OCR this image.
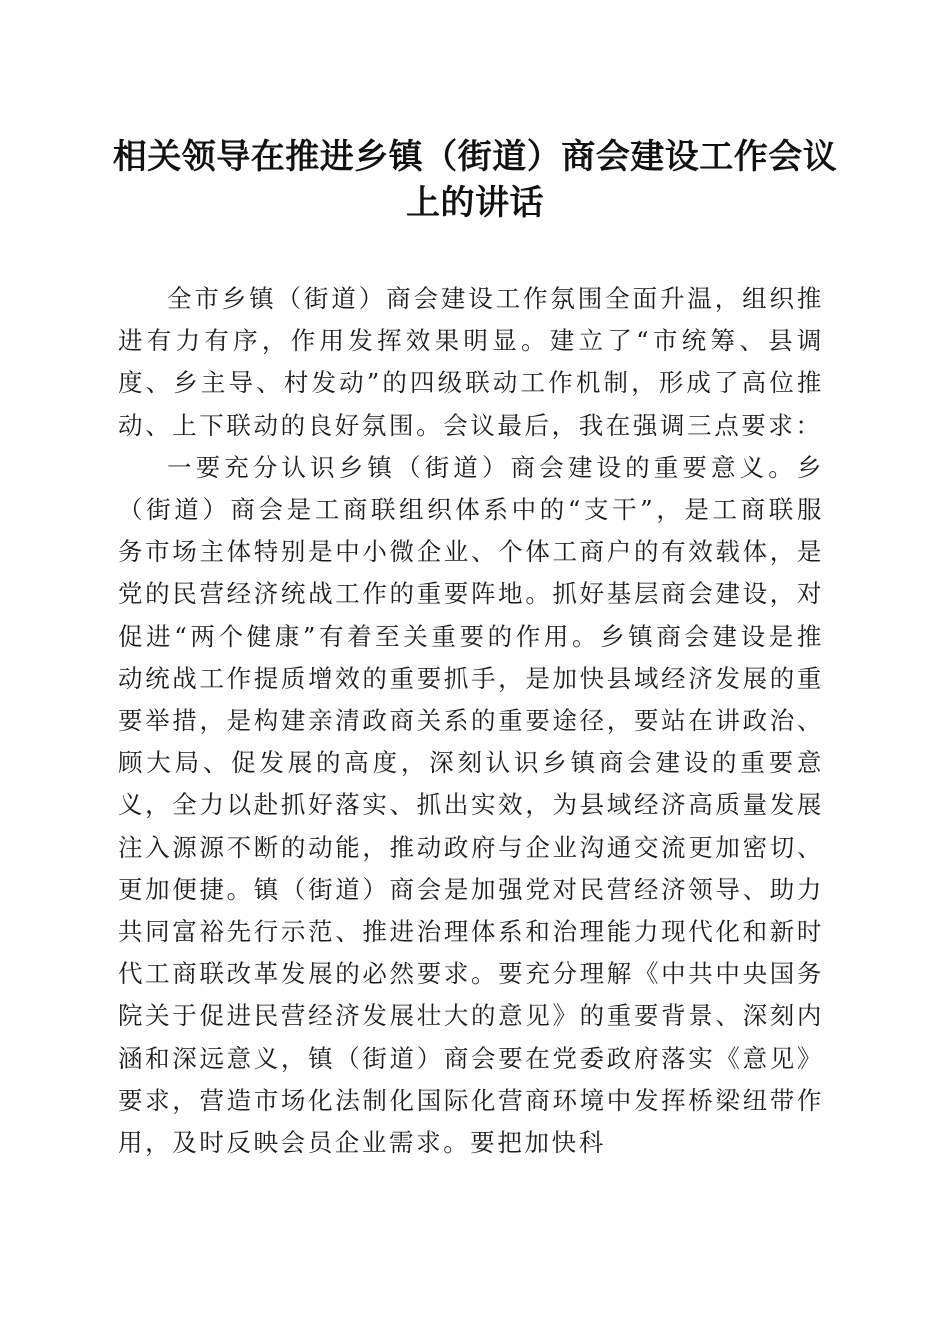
相关领导在推进乡镇（街道）商会建设工作会议上的讲话

全市乡镇（街道）商会建设工作氛围全面升温，组织推进有力有序，作用发挥效果明显。建立了“市统筹、县调度、乡主导、村发动”的四级联动工作机制，形成了高位推动、上下联动的良好氛围。会议最后，我在强调三点要求：

一要充分认识乡镇（街道）商会建设的重要意义。乡（街道）商会是工商联组织体系中的“支干”，是工商联服务市场主体特别是中小微企业、个体工商户的有效载体，是党的民营经济统战工作的重要阵地。抓好基层商会建设，对促进“两个健康”有着至关重要的作用。乡镇商会建设是推动统战工作提质增效的重要抓手，是加快县域经济发展的重要举措，是构建亲清政商关系的重要途径，要站在讲政治、顾大局、促发展的高度，深刻认识乡镇商会建设的重要意义，全力以赴抓好落实、抓出实效，为县域经济高质量发展注入源源不断的动能，推动政府与企业沟通交流更加密切、更加便捷。镇（街道）商会是加强党对民营经济领导、助力共同富裕先行示范、推进治理体系和治理能力现代化和新时代工商联改革发展的必然要求。要充分理解《中共中央国务院关于促进民营经济发展壮大的意见》的重要背景、深刻内涵和深远意义，镇（街道）商会要在党委政府落实《意见》要求，营造市场化法制化国际化营商环境中发挥桥梁纽带作用，及时反映会员企业需求。要把加快科
